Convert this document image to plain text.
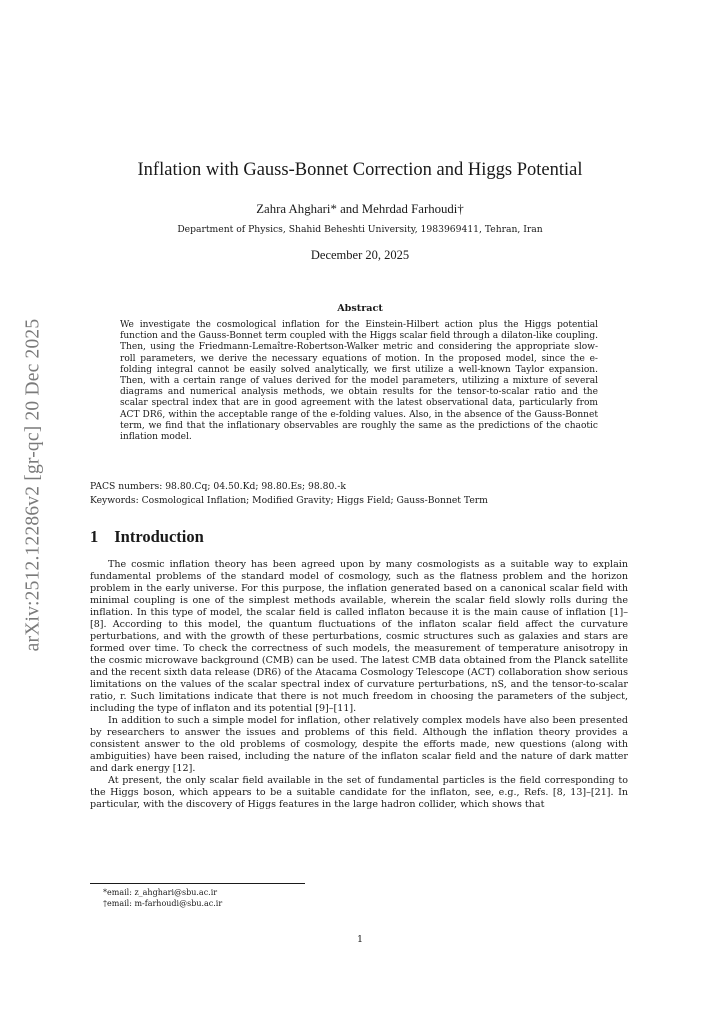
arXiv:2512.12286v2 [gr-qc] 20 Dec 2025
Inflation with Gauss-Bonnet Correction and Higgs Potential
Zahra Ahghari* and Mehrdad Farhoudi†
Department of Physics, Shahid Beheshti University, 1983969411, Tehran, Iran
December 20, 2025
Abstract
We investigate the cosmological inflation for the Einstein-Hilbert action plus the Higgs potential function and the Gauss-Bonnet term coupled with the Higgs scalar field through a dilaton-like coupling. Then, using the Friedmann-Lemaître-Robertson-Walker metric and considering the appropriate slow-roll parameters, we derive the necessary equations of motion. In the proposed model, since the e-folding integral cannot be easily solved analytically, we first utilize a well-known Taylor expansion. Then, with a certain range of values derived for the model parameters, utilizing a mixture of several diagrams and numerical analysis methods, we obtain results for the tensor-to-scalar ratio and the scalar spectral index that are in good agreement with the latest observational data, particularly from ACT DR6, within the acceptable range of the e-folding values. Also, in the absence of the Gauss-Bonnet term, we find that the inflationary observables are roughly the same as the predictions of the chaotic inflation model.
PACS numbers: 98.80.Cq; 04.50.Kd; 98.80.Es; 98.80.-k
Keywords: Cosmological Inflation; Modified Gravity; Higgs Field; Gauss-Bonnet Term
1 Introduction

The cosmic inflation theory has been agreed upon by many cosmologists as a suitable way to explain fundamental problems of the standard model of cosmology, such as the flatness problem and the horizon problem in the early universe. For this purpose, the inflation generated based on a canonical scalar field with minimal coupling is one of the simplest methods available, wherein the scalar field slowly rolls during the inflation. In this type of model, the scalar field is called inflaton because it is the main cause of inflation [1]–[8]. According to this model, the quantum fluctuations of the inflaton scalar field affect the curvature perturbations, and with the growth of these perturbations, cosmic structures such as galaxies and stars are formed over time. To check the correctness of such models, the measurement of temperature anisotropy in the cosmic microwave background (CMB) can be used. The latest CMB data obtained from the Planck satellite and the recent sixth data release (DR6) of the Atacama Cosmology Telescope (ACT) collaboration show serious limitations on the values of the scalar spectral index of curvature perturbations, nS, and the tensor-to-scalar ratio, r. Such limitations indicate that there is not much freedom in choosing the parameters of the subject, including the type of inflaton and its potential [9]–[11].

In addition to such a simple model for inflation, other relatively complex models have also been presented by researchers to answer the issues and problems of this field. Although the inflation theory provides a consistent answer to the old problems of cosmology, despite the efforts made, new questions (along with ambiguities) have been raised, including the nature of the inflaton scalar field and the nature of dark matter and dark energy [12].

At present, the only scalar field available in the set of fundamental particles is the field corresponding to the Higgs boson, which appears to be a suitable candidate for the inflaton, see, e.g., Refs. [8, 13]–[21]. In particular, with the discovery of Higgs features in the large hadron collider, which shows that

*email: z_ahghari@sbu.ac.ir
†email: m-farhoudi@sbu.ac.ir
1
